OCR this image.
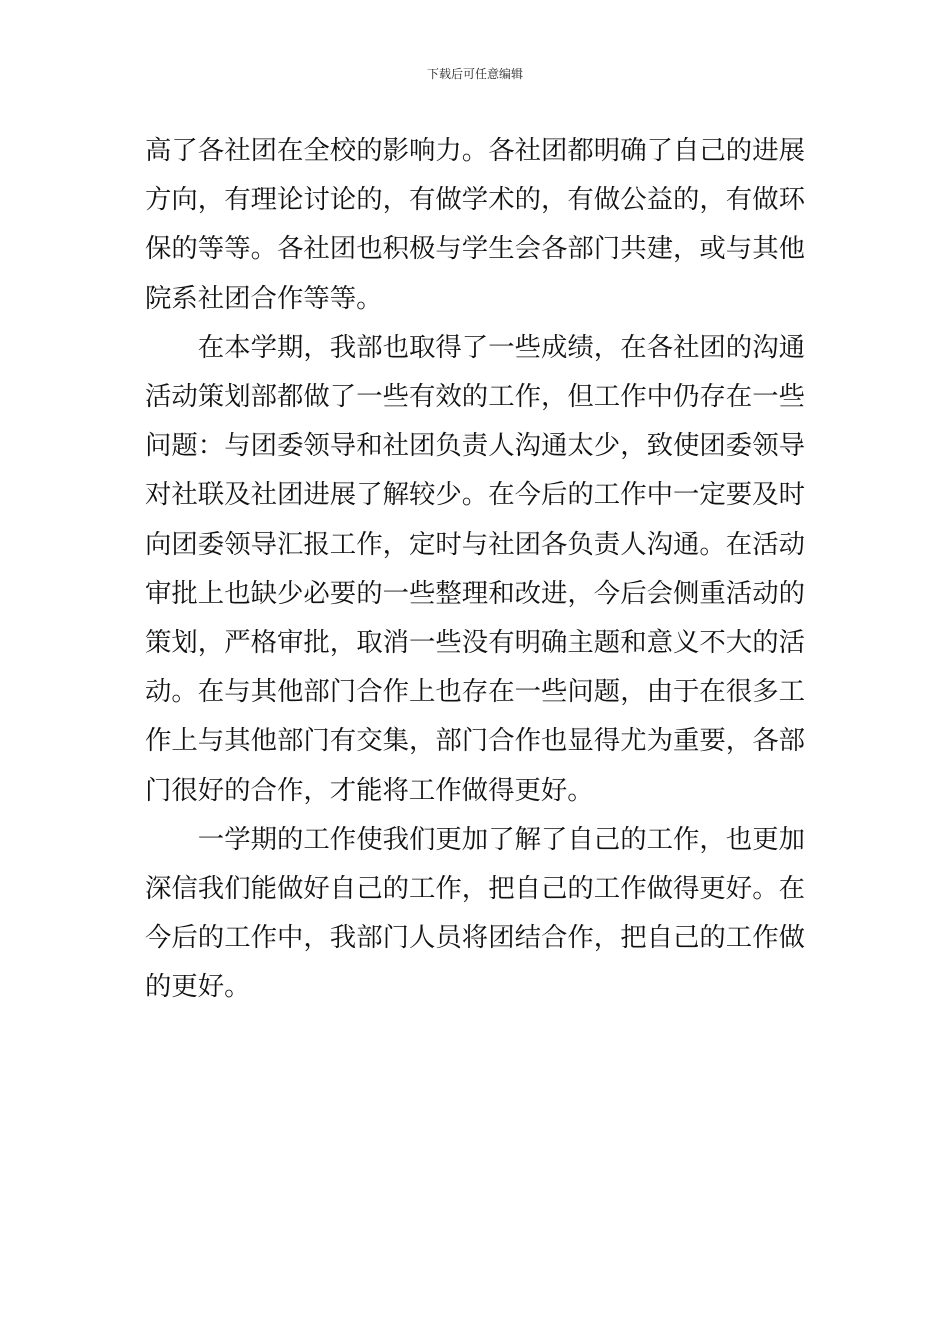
下载后可任意编辑

高了各社团在全校的影响力。各社团都明确了自己的进展方向，有理论讨论的，有做学术的，有做公益的，有做环保的等等。各社团也积极与学生会各部门共建，或与其他院系社团合作等等。

在本学期，我部也取得了一些成绩，在各社团的沟通活动策划部都做了一些有效的工作，但工作中仍存在一些问题：与团委领导和社团负责人沟通太少，致使团委领导对社联及社团进展了解较少。在今后的工作中一定要及时向团委领导汇报工作，定时与社团各负责人沟通。在活动审批上也缺少必要的一些整理和改进，今后会侧重活动的策划，严格审批，取消一些没有明确主题和意义不大的活动。在与其他部门合作上也存在一些问题，由于在很多工作上与其他部门有交集，部门合作也显得尤为重要，各部门很好的合作，才能将工作做得更好。

一学期的工作使我们更加了解了自己的工作，也更加深信我们能做好自己的工作，把自己的工作做得更好。在今后的工作中，我部门人员将团结合作，把自己的工作做的更好。
